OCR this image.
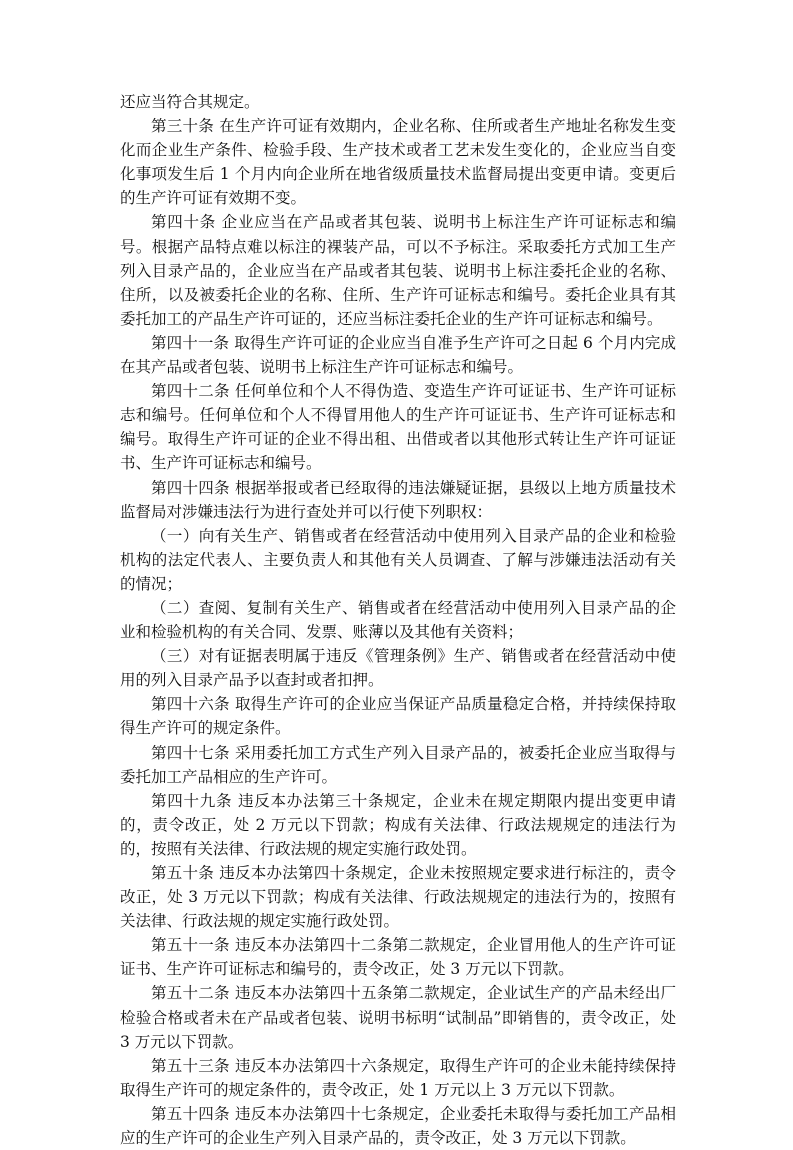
还应当符合其规定。

第三十条 在生产许可证有效期内，企业名称、住所或者生产地址名称发生变化而企业生产条件、检验手段、生产技术或者工艺未发生变化的，企业应当自变化事项发生后 1 个月内向企业所在地省级质量技术监督局提出变更申请。变更后的生产许可证有效期不变。

第四十条 企业应当在产品或者其包装、说明书上标注生产许可证标志和编号。根据产品特点难以标注的裸装产品，可以不予标注。采取委托方式加工生产列入目录产品的，企业应当在产品或者其包装、说明书上标注委托企业的名称、住所，以及被委托企业的名称、住所、生产许可证标志和编号。委托企业具有其委托加工的产品生产许可证的，还应当标注委托企业的生产许可证标志和编号。

第四十一条 取得生产许可证的企业应当自准予生产许可之日起 6 个月内完成在其产品或者包装、说明书上标注生产许可证标志和编号。

第四十二条 任何单位和个人不得伪造、变造生产许可证证书、生产许可证标志和编号。任何单位和个人不得冒用他人的生产许可证证书、生产许可证标志和编号。取得生产许可证的企业不得出租、出借或者以其他形式转让生产许可证证书、生产许可证标志和编号。

第四十四条 根据举报或者已经取得的违法嫌疑证据，县级以上地方质量技术监督局对涉嫌违法行为进行查处并可以行使下列职权：

（一）向有关生产、销售或者在经营活动中使用列入目录产品的企业和检验机构的法定代表人、主要负责人和其他有关人员调查、了解与涉嫌违法活动有关的情况；

（二）查阅、复制有关生产、销售或者在经营活动中使用列入目录产品的企业和检验机构的有关合同、发票、账薄以及其他有关资料；

（三）对有证据表明属于违反《管理条例》生产、销售或者在经营活动中使用的列入目录产品予以查封或者扣押。

第四十六条 取得生产许可的企业应当保证产品质量稳定合格，并持续保持取得生产许可的规定条件。

第四十七条 采用委托加工方式生产列入目录产品的，被委托企业应当取得与委托加工产品相应的生产许可。

第四十九条 违反本办法第三十条规定，企业未在规定期限内提出变更申请的，责令改正，处 2 万元以下罚款；构成有关法律、行政法规规定的违法行为的，按照有关法律、行政法规的规定实施行政处罚。

第五十条 违反本办法第四十条规定，企业未按照规定要求进行标注的，责令改正，处 3 万元以下罚款；构成有关法律、行政法规规定的违法行为的，按照有关法律、行政法规的规定实施行政处罚。

第五十一条 违反本办法第四十二条第二款规定，企业冒用他人的生产许可证证书、生产许可证标志和编号的，责令改正，处 3 万元以下罚款。

第五十二条 违反本办法第四十五条第二款规定，企业试生产的产品未经出厂检验合格或者未在产品或者包装、说明书标明“试制品”即销售的，责令改正，处 3 万元以下罚款。

第五十三条 违反本办法第四十六条规定，取得生产许可的企业未能持续保持取得生产许可的规定条件的，责令改正，处 1 万元以上 3 万元以下罚款。

第五十四条 违反本办法第四十七条规定，企业委托未取得与委托加工产品相应的生产许可的企业生产列入目录产品的，责令改正，处 3 万元以下罚款。
